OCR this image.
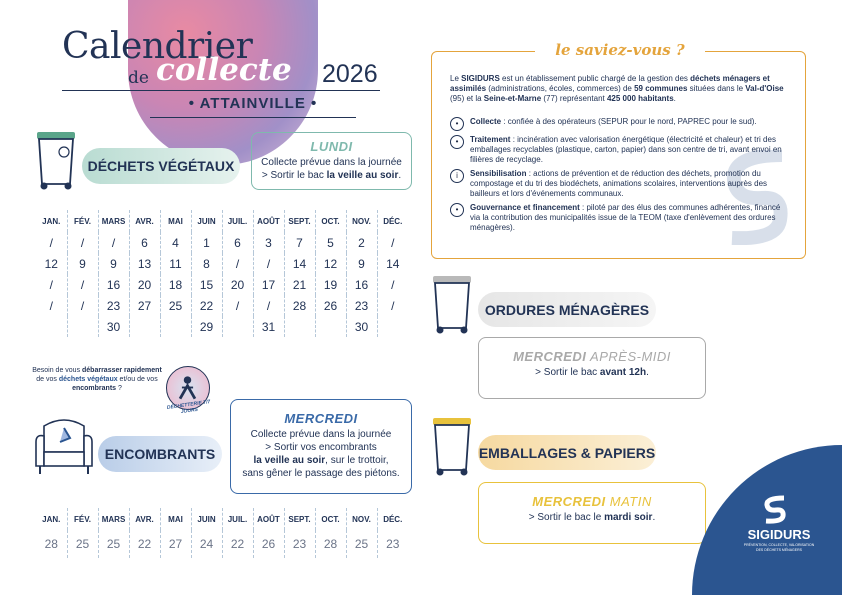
Calendrier
de collecte 2026
• ATTAINVILLE •
DÉCHETS VÉGÉTAUX
LUNDI
Collecte prévue dans la journée
> Sortir le bac la veille au soir.
JAN.	FÉV.	MARS	AVR.	MAI	JUIN	JUIL.	AOÛT	SEPT.	OCT.	NOV.	DÉC.
/	/	/	6	4	1	6	3	7	5	2	/
12	9	9	13	11	8	/	/	14	12	9	14
/	/	16	20	18	15	20	17	21	19	16	/
/	/	23	27	25	22	/	/	28	26	23	/
		30			29		31			30	
Besoin de vous débarrasser rapidement de vos déchets végétaux et/ou de vos encombrants ?
DÉCHETTERIE 7/7 JOURS
ENCOMBRANTS
MERCREDI
Collecte prévue dans la journée
> Sortir vos encombrants
la veille au soir, sur le trottoir,
sans gêner le passage des piétons.
JAN.	FÉV.	MARS	AVR.	MAI	JUIN	JUIL.	AOÛT	SEPT.	OCT.	NOV.	DÉC.
28	25	25	22	27	24	22	26	23	28	25	23
le saviez-vous ?
Le SIGIDURS est un établissement public chargé de la gestion des déchets ménagers et assimilés (administrations, écoles, commerces) de 59 communes situées dans le Val-d'Oise (95) et la Seine-et-Marne (77) représentant 425 000 habitants.
•	Collecte : confiée à des opérateurs (SEPUR pour le nord, PAPREC pour le sud).
•	Traitement : incinération avec valorisation énergétique (électricité et chaleur) et tri des emballages recyclables (plastique, carton, papier) dans son centre de tri, avant envoi en filières de recyclage.
i	Sensibilisation : actions de prévention et de réduction des déchets, promotion du compostage et du tri des biodéchets, animations scolaires, interventions auprès des bailleurs et lors d'événements communaux.
•	Gouvernance et financement : piloté par des élus des communes adhérentes, financé via la contribution des municipalités issue de la TEOM (taxe d'enlèvement des ordures ménagères).
ORDURES MÉNAGÈRES
MERCREDI APRÈS-MIDI
> Sortir le bac avant 12h.
EMBALLAGES & PAPIERS
MERCREDI MATIN
> Sortir le bac le mardi soir.
SIGIDURS
PRÉVENTION, COLLECTE, VALORISATION DES DÉCHETS MÉNAGERS
